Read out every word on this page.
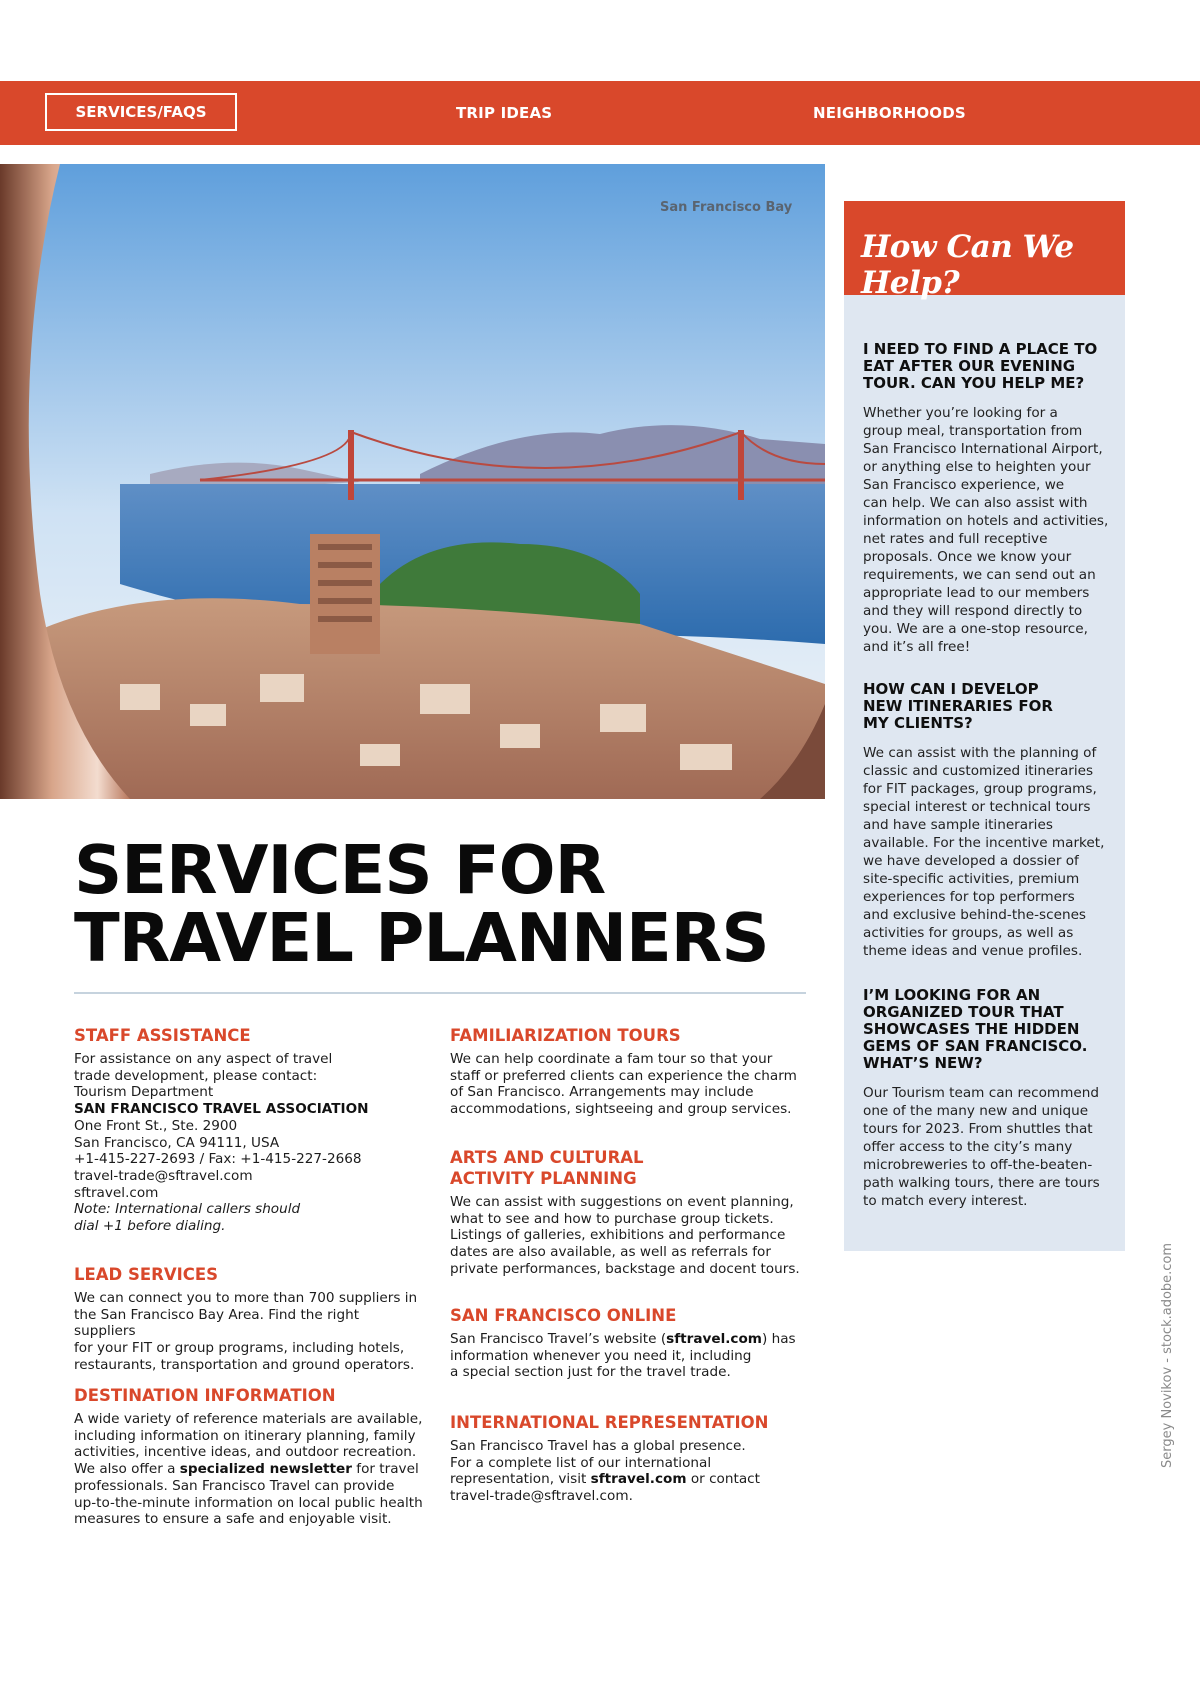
SERVICES/FAQS	TRIP IDEAS	NEIGHBORHOODS
San Francisco Bay
How Can We Help?
I NEED TO FIND A PLACE TO
EAT AFTER OUR EVENING
TOUR. CAN YOU HELP ME?

Whether you’re looking for a
group meal, transportation from
San Francisco International Airport,
or anything else to heighten your
San Francisco experience, we
can help. We can also assist with
information on hotels and activities,
net rates and full receptive
proposals. Once we know your
requirements, we can send out an
appropriate lead to our members
and they will respond directly to
you. We are a one-stop resource,
and it’s all free!

HOW CAN I DEVELOP
NEW ITINERARIES FOR
MY CLIENTS?

We can assist with the planning of
classic and customized itineraries
for FIT packages, group programs,
special interest or technical tours
and have sample itineraries
available. For the incentive market,
we have developed a dossier of
site-specific activities, premium
experiences for top performers
and exclusive behind-the-scenes
activities for groups, as well as
theme ideas and venue profiles.

I’M LOOKING FOR AN
ORGANIZED TOUR THAT
SHOWCASES THE HIDDEN
GEMS OF SAN FRANCISCO.
WHAT’S NEW?

Our Tourism team can recommend
one of the many new and unique
tours for 2023. From shuttles that
offer access to the city’s many
microbreweries to off-the-beaten-
path walking tours, there are tours
to match every interest.

SERVICES FOR
TRAVEL PLANNERS
STAFF ASSISTANCE

For assistance on any aspect of travel
trade development, please contact:
Tourism Department

SAN FRANCISCO TRAVEL ASSOCIATION

One Front St., Ste. 2900
San Francisco, CA 94111, USA
+1-415-227-2693 / Fax: +1-415-227-2668
travel-trade@sftravel.com
sftravel.com

Note: International callers should
dial +1 before dialing.

LEAD SERVICES

We can connect you to more than 700 suppliers in
the San Francisco Bay Area. Find the right suppliers
for your FIT or group programs, including hotels,
restaurants, transportation and ground operators.

DESTINATION INFORMATION

A wide variety of reference materials are available,
including information on itinerary planning, family
activities, incentive ideas, and outdoor recreation.
We also offer a specialized newsletter for travel
professionals. San Francisco Travel can provide
up-to-the-minute information on local public health
measures to ensure a safe and enjoyable visit.

FAMILIARIZATION TOURS

We can help coordinate a fam tour so that your
staff or preferred clients can experience the charm
of San Francisco. Arrangements may include
accommodations, sightseeing and group services.

ARTS AND CULTURAL
ACTIVITY PLANNING

We can assist with suggestions on event planning,
what to see and how to purchase group tickets.
Listings of galleries, exhibitions and performance
dates are also available, as well as referrals for
private performances, backstage and docent tours.

SAN FRANCISCO ONLINE

San Francisco Travel’s website (sftravel.com) has
information whenever you need it, including
a special section just for the travel trade.

INTERNATIONAL REPRESENTATION

San Francisco Travel has a global presence.
For a complete list of our international
representation, visit sftravel.com or contact
travel-trade@sftravel.com.

Sergey Novikov - stock.adobe.com
